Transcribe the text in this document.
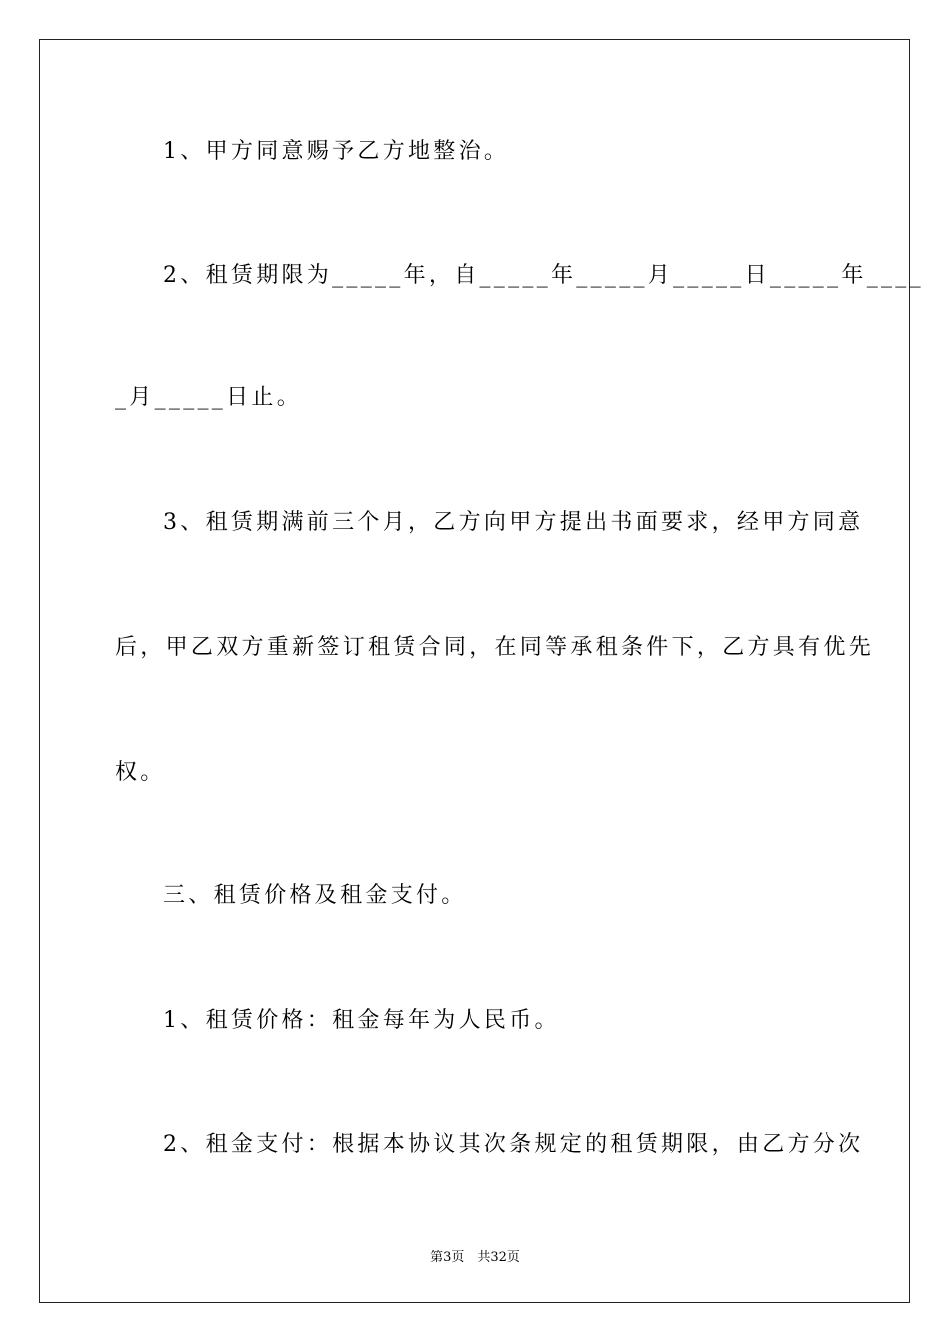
1、甲方同意赐予乙方地整治。
2、租赁期限为_____年，自_____年_____月_____日_____年____
_月_____日止。
3、租赁期满前三个月，乙方向甲方提出书面要求，经甲方同意
后，甲乙双方重新签订租赁合同，在同等承租条件下，乙方具有优先
权。
三、租赁价格及租金支付。
1、租赁价格：租金每年为人民币。
2、租金支付：根据本协议其次条规定的租赁期限，由乙方分次
第3页　共32页
